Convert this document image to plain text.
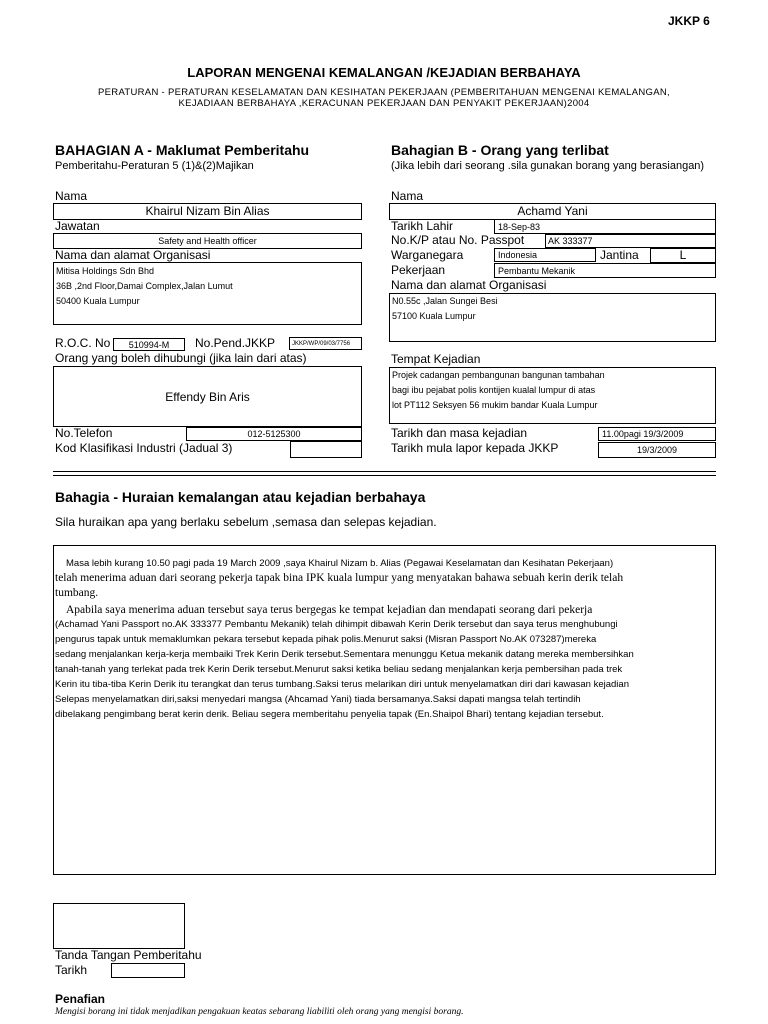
JKKP 6
LAPORAN MENGENAI KEMALANGAN /KEJADIAN BERBAHAYA
PERATURAN - PERATURAN KESELAMATAN DAN KESIHATAN PEKERJAAN (PEMBERITAHUAN MENGENAI KEMALANGAN,
KEJADIAAN BERBAHAYA ,KERACUNAN PEKERJAAN DAN PENYAKIT PEKERJAAN)2004
BAHAGIAN A - Maklumat Pemberitahu
Pemberitahu-Peraturan 5 (1)&(2)Majikan
Nama
Khairul Nizam Bin Alias
Jawatan
Safety and Health officer
Nama dan alamat Organisasi
Mitisa Holdings Sdn Bhd
36B ,2nd Floor,Damai Complex,Jalan Lumut
50400 Kuala Lumpur
R.O.C. No	510994-M	No.Pend.JKKP	JKKP/WP/09/03/7756
Orang yang boleh dihubungi (jika lain dari atas)
Effendy Bin Aris
No.Telefon	012-5125300
Kod Klasifikasi Industri (Jadual 3)
Bahagian B - Orang yang terlibat
(Jika lebih dari seorang .sila gunakan borang yang berasiangan)
Nama
Achamd Yani
Tarikh Lahir	18-Sep-83
No.K/P atau No. Passpot	AK 333377
Warganegara	Indonesia	Jantina	L
Pekerjaan	Pembantu Mekanik
Nama dan alamat Organisasi
N0.55c ,Jalan Sungei Besi
57100 Kuala Lumpur
Tempat Kejadian
Projek cadangan pembangunan bangunan tambahan
bagi ibu pejabat polis kontijen kualal lumpur di atas
lot PT112 Seksyen 56 mukim bandar Kuala Lumpur
Tarikh dan masa kejadian	11.00pagi 19/3/2009
Tarikh mula lapor kepada JKKP	19/3/2009
Bahagia - Huraian kemalangan atau kejadian berbahaya
Sila huraikan apa yang berlaku sebelum ,semasa dan selepas kejadian.
Masa lebih kurang 10.50 pagi pada 19 March 2009 ,saya Khairul Nizam b. Alias (Pegawai Keselamatan dan Kesihatan Pekerjaan)
telah menerima aduan dari seorang pekerja tapak bina IPK kuala lumpur yang menyatakan bahawa sebuah kerin derik telah
tumbang.
Apabila saya menerima aduan tersebut saya terus bergegas ke tempat kejadian dan mendapati seorang dari pekerja
(Achamad Yani Passport no.AK 333377 Pembantu Mekanik) telah dihimpit dibawah Kerin Derik tersebut dan saya terus menghubungi
pengurus tapak untuk memaklumkan pekara tersebut kepada pihak polis.Menurut saksi (Misran Passport No.AK 073287)mereka
sedang menjalankan kerja-kerja membaiki Trek Kerin Derik tersebut.Sementara menunggu Ketua mekanik datang mereka membersihkan
tanah-tanah yang terlekat pada trek Kerin Derik tersebut.Menurut saksi ketika beliau sedang menjalankan kerja pembersihan pada trek
Kerin itu tiba-tiba Kerin Derik itu terangkat dan terus tumbang.Saksi terus melarikan diri untuk menyelamatkan diri dari kawasan kejadian
Selepas menyelamatkan diri,saksi menyedari mangsa (Ahcamad Yani) tiada bersamanya.Saksi dapati mangsa telah tertindih
dibelakang pengimbang berat kerin derik. Beliau segera memberitahu penyelia tapak (En.Shaipol Bhari) tentang kejadian tersebut.
Tanda Tangan Pemberitahu
Tarikh
Penafian
Mengisi borang ini tidak menjadikan pengakuan keatas sebarang liabiliti oleh orang yang mengisi borang.
